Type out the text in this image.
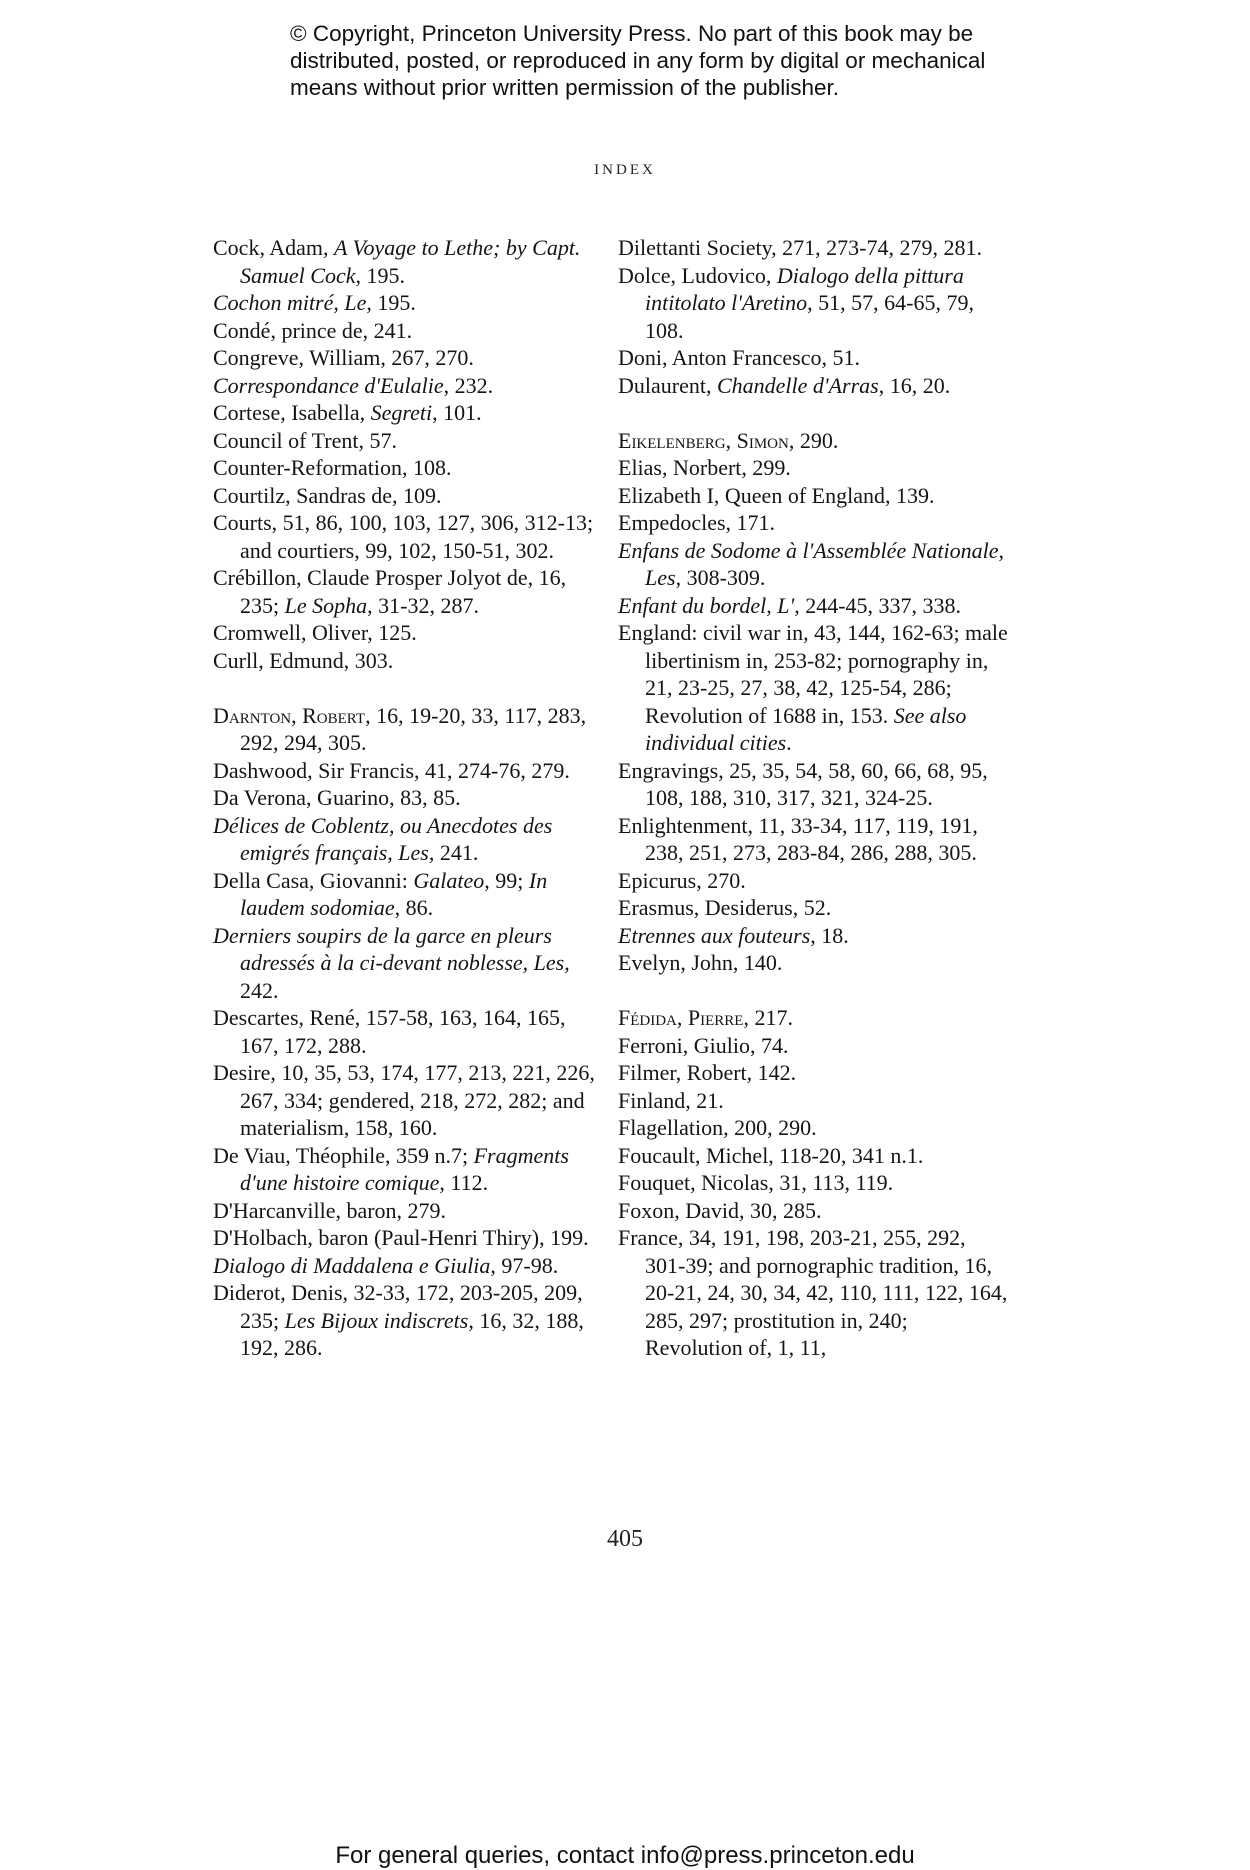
© Copyright, Princeton University Press. No part of this book may be

distributed, posted, or reproduced in any form by digital or mechanical

means without prior written permission of the publisher.

INDEX

Cock, Adam, A Voyage to Lethe; by Capt. Samuel Cock, 195.

Cochon mitré, Le, 195.

Condé, prince de, 241.

Congreve, William, 267, 270.

Correspondance d'Eulalie, 232.

Cortese, Isabella, Segreti, 101.

Council of Trent, 57.

Counter-Reformation, 108.

Courtilz, Sandras de, 109.

Courts, 51, 86, 100, 103, 127, 306, 312-13; and courtiers, 99, 102, 150-51, 302.

Crébillon, Claude Prosper Jolyot de, 16, 235; Le Sopha, 31-32, 287.

Cromwell, Oliver, 125.

Curll, Edmund, 303.

Darnton, Robert, 16, 19-20, 33, 117, 283, 292, 294, 305.

Dashwood, Sir Francis, 41, 274-76, 279.

Da Verona, Guarino, 83, 85.

Délices de Coblentz, ou Anecdotes des emigrés français, Les, 241.

Della Casa, Giovanni: Galateo, 99; In laudem sodomiae, 86.

Derniers soupirs de la garce en pleurs adressés à la ci-devant noblesse, Les, 242.

Descartes, René, 157-58, 163, 164, 165, 167, 172, 288.

Desire, 10, 35, 53, 174, 177, 213, 221, 226, 267, 334; gendered, 218, 272, 282; and materialism, 158, 160.

De Viau, Théophile, 359 n.7; Fragments d'une histoire comique, 112.

D'Harcanville, baron, 279.

D'Holbach, baron (Paul-Henri Thiry), 199.

Dialogo di Maddalena e Giulia, 97-98.

Diderot, Denis, 32-33, 172, 203-205, 209, 235; Les Bijoux indiscrets, 16, 32, 188, 192, 286.

Dilettanti Society, 271, 273-74, 279, 281.

Dolce, Ludovico, Dialogo della pittura intitolato l'Aretino, 51, 57, 64-65, 79, 108.

Doni, Anton Francesco, 51.

Dulaurent, Chandelle d'Arras, 16, 20.

Eikelenberg, Simon, 290.

Elias, Norbert, 299.

Elizabeth I, Queen of England, 139.

Empedocles, 171.

Enfans de Sodome à l'Assemblée Nationale, Les, 308-309.

Enfant du bordel, L', 244-45, 337, 338.

England: civil war in, 43, 144, 162-63; male libertinism in, 253-82; pornography in, 21, 23-25, 27, 38, 42, 125-54, 286; Revolution of 1688 in, 153. See also individual cities.

Engravings, 25, 35, 54, 58, 60, 66, 68, 95, 108, 188, 310, 317, 321, 324-25.

Enlightenment, 11, 33-34, 117, 119, 191, 238, 251, 273, 283-84, 286, 288, 305.

Epicurus, 270.

Erasmus, Desiderus, 52.

Etrennes aux fouteurs, 18.

Evelyn, John, 140.

Fédida, Pierre, 217.

Ferroni, Giulio, 74.

Filmer, Robert, 142.

Finland, 21.

Flagellation, 200, 290.

Foucault, Michel, 118-20, 341 n.1.

Fouquet, Nicolas, 31, 113, 119.

Foxon, David, 30, 285.

France, 34, 191, 198, 203-21, 255, 292, 301-39; and pornographic tradition, 16, 20-21, 24, 30, 34, 42, 110, 111, 122, 164, 285, 297; prostitution in, 240; Revolution of, 1, 11,

405
For general queries, contact info@press.princeton.edu
